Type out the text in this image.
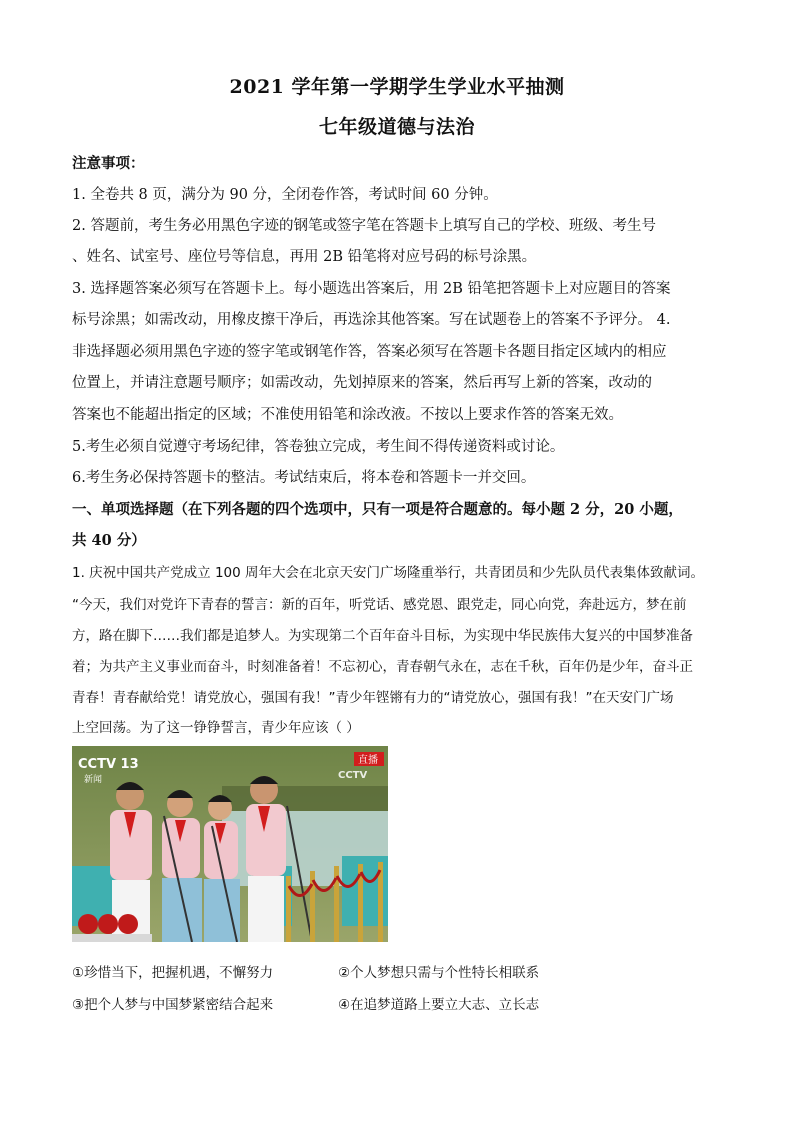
2021 学年第一学期学生学业水平抽测
七年级道德与法治
注意事项：
1. 全卷共 8 页，满分为 90 分，全闭卷作答，考试时间 60 分钟。
2. 答题前，考生务必用黑色字迹的钢笔或签字笔在答题卡上填写自己的学校、班级、考生号
、姓名、试室号、座位号等信息，再用 2B 铅笔将对应号码的标号涂黑。
3. 选择题答案必须写在答题卡上。每小题选出答案后，用 2B 铅笔把答题卡上对应题目的答案
标号涂黑；如需改动，用橡皮擦干净后，再选涂其他答案。写在试题卷上的答案不予评分。 4.
非选择题必须用黑色字迹的签字笔或钢笔作答，答案必须写在答题卡各题目指定区域内的相应
位置上，并请注意题号顺序；如需改动，先划掉原来的答案，然后再写上新的答案，改动的
答案也不能超出指定的区域；不准使用铅笔和涂改液。不按以上要求作答的答案无效。
5.考生必须自觉遵守考场纪律，答卷独立完成，考生间不得传递资料或讨论。
6.考生务必保持答题卡的整洁。考试结束后，将本卷和答题卡一并交回。
一、单项选择题（在下列各题的四个选项中，只有一项是符合题意的。每小题 2 分，20 小题，
共 40 分）
1. 庆祝中国共产党成立 100 周年大会在北京天安门广场隆重举行，共青团员和少先队员代表集体致献词。
“今天，我们对党许下青春的誓言：新的百年，听党话、感党恩、跟党走，同心向党，奔赴远方，梦在前
方，路在脚下……我们都是追梦人。为实现第二个百年奋斗目标，为实现中华民族伟大复兴的中国梦准备
着；为共产主义事业而奋斗，时刻准备着！不忘初心，青春朝气永在，志在千秋，百年仍是少年，奋斗正
青春！青春献给党！请党放心，强国有我！”青少年铿锵有力的“请党放心，强国有我！”在天安门广场
上空回荡。为了这一铮铮誓言，青少年应该（ ）
CCTV 13
新闻
直播
CCTV
①珍惜当下，把握机遇，不懈努力	②个人梦想只需与个性特长相联系
③把个人梦与中国梦紧密结合起来	④在追梦道路上要立大志、立长志
